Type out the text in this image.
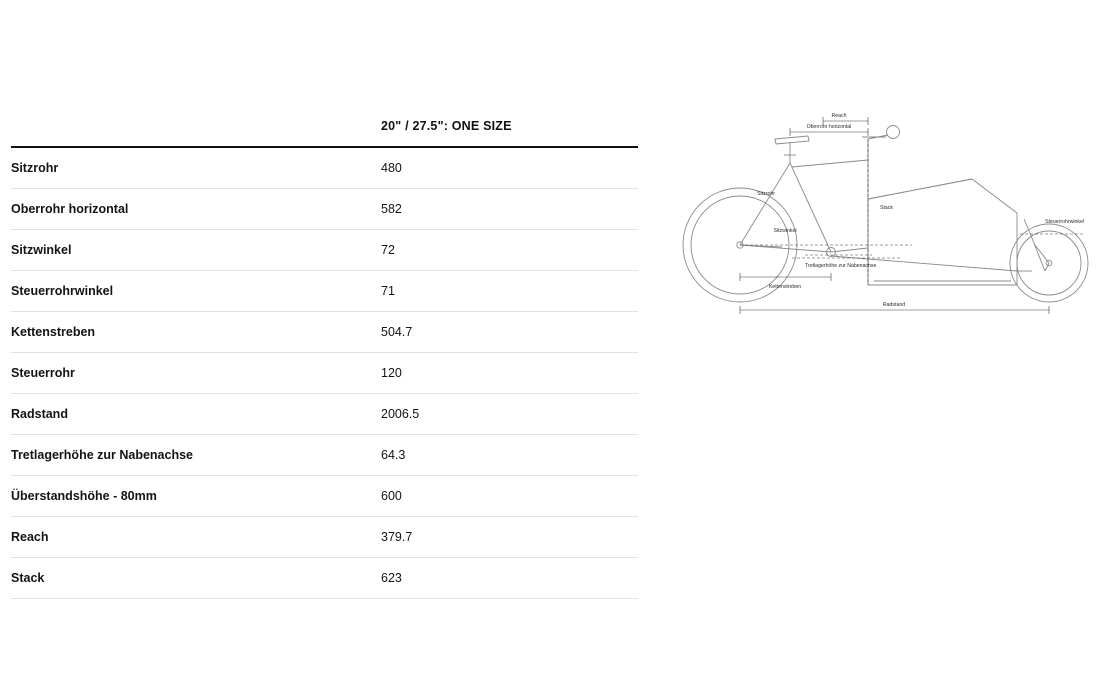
	20" / 27.5": ONE SIZE
Sitzrohr	480
Oberrohr horizontal	582
Sitzwinkel	72
Steuerrohrwinkel	71
Kettenstreben	504.7
Steuerrohr	120
Radstand	2006.5
Tretlagerhöhe zur Nabenachse	64.3
Überstandshöhe - 80mm	600
Reach	379.7
Stack	623
Reach
Oberrohr horizontal
Sitzrohr
Stack
Steuerrohrwinkel
Sitzwinkel
Tretlagerhöhe zur Nabenachse
Kettenstreben
Radstand
